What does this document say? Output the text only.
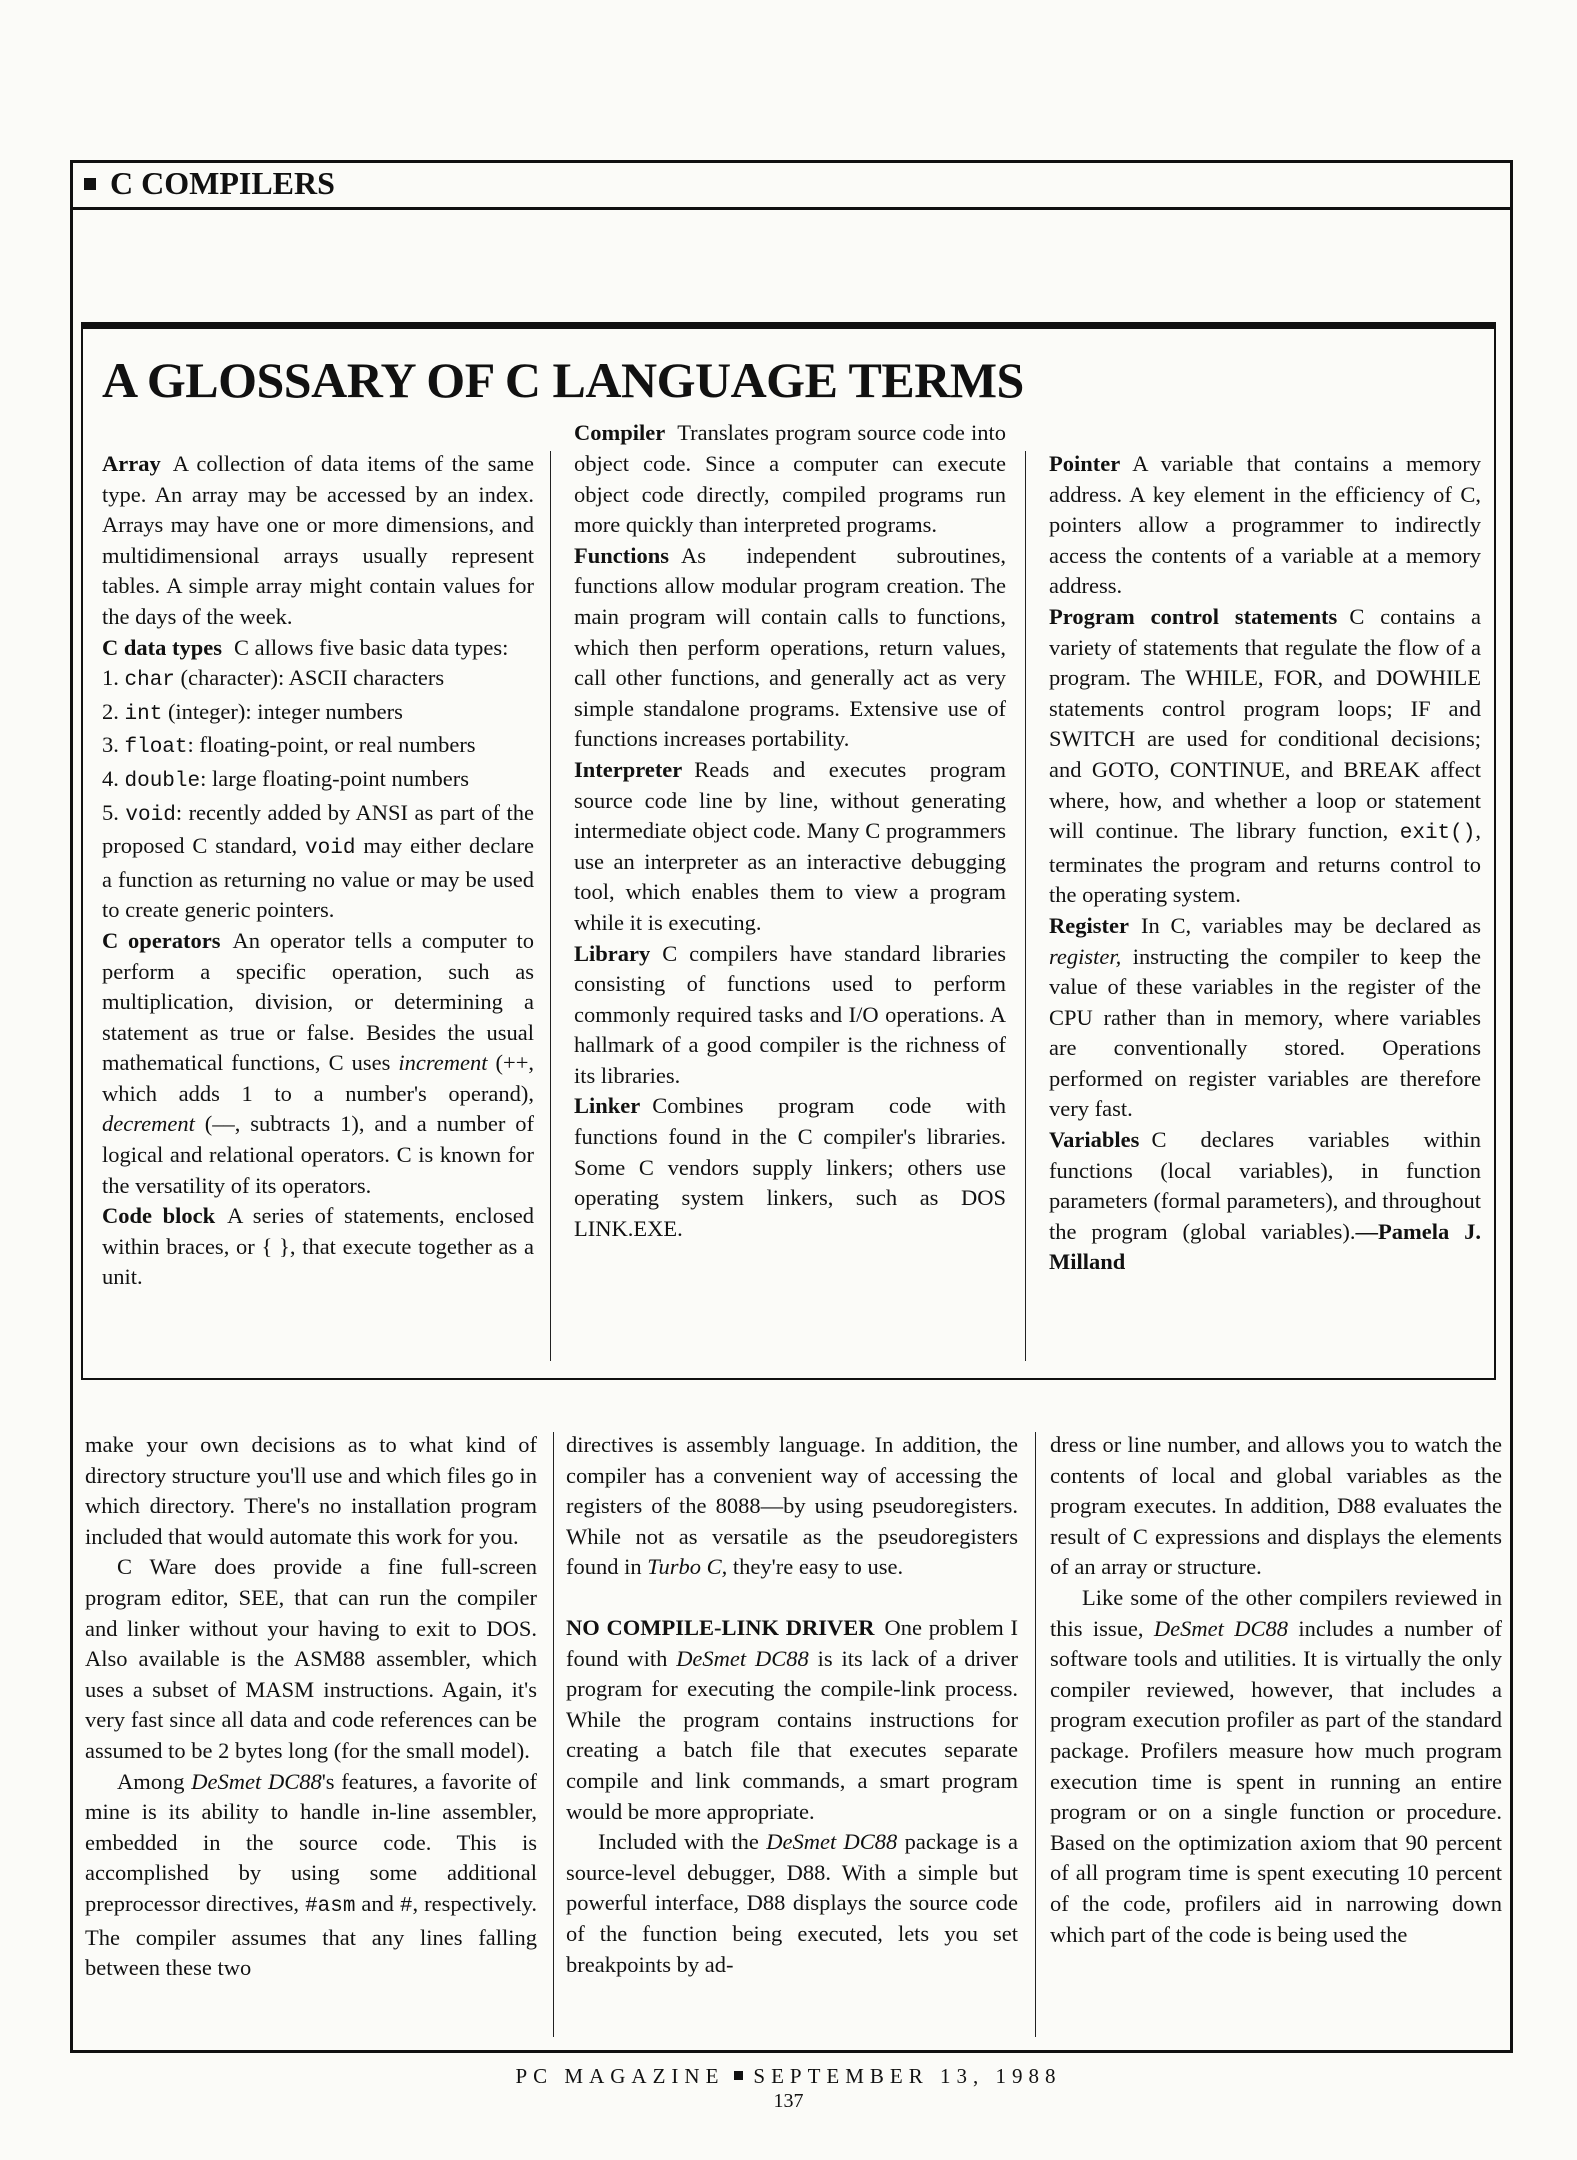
C COMPILERS
A GLOSSARY OF C LANGUAGE TERMS

Array A collection of data items of the same type. An array may be accessed by an index. Arrays may have one or more dimensions, and multidimensional arrays usually represent tables. A simple array might contain values for the days of the week.

C data types C allows five basic data types:

1. char (character): ASCII characters

2. int (integer): integer numbers

3. float: floating-point, or real numbers

4. double: large floating-point numbers

5. void: recently added by ANSI as part of the proposed C standard, void may either declare a function as returning no value or may be used to create generic pointers.

C operators An operator tells a computer to perform a specific operation, such as multiplication, division, or determining a statement as true or false. Besides the usual mathematical functions, C uses increment (++, which adds 1 to a number's operand), decrement (––, subtracts 1), and a number of logical and relational operators. C is known for the versatility of its operators.

Code block A series of statements, enclosed within braces, or { }, that execute together as a unit.

Compiler Translates program source code into object code. Since a computer can execute object code directly, compiled programs run more quickly than interpreted programs.

Functions As independent subroutines, functions allow modular program creation. The main program will contain calls to functions, which then perform operations, return values, call other functions, and generally act as very simple standalone programs. Extensive use of functions increases portability.

Interpreter Reads and executes program source code line by line, without generating intermediate object code. Many C programmers use an interpreter as an interactive debugging tool, which enables them to view a program while it is executing.

Library C compilers have standard libraries consisting of functions used to perform commonly required tasks and I/O operations. A hallmark of a good compiler is the richness of its libraries.

Linker Combines program code with functions found in the C compiler's libraries. Some C vendors supply linkers; others use operating system linkers, such as DOS LINK.EXE.

Pointer A variable that contains a memory address. A key element in the efficiency of C, pointers allow a programmer to indirectly access the contents of a variable at a memory address.

Program control statements C contains a variety of statements that regulate the flow of a program. The WHILE, FOR, and DOWHILE statements control program loops; IF and SWITCH are used for conditional decisions; and GOTO, CONTINUE, and BREAK affect where, how, and whether a loop or statement will continue. The library function, exit(), terminates the program and returns control to the operating system.

Register In C, variables may be declared as register, instructing the compiler to keep the value of these variables in the register of the CPU rather than in memory, where variables are conventionally stored. Operations performed on register variables are therefore very fast.

Variables C declares variables within functions (local variables), in function parameters (formal parameters), and throughout the program (global variables).—Pamela J. Milland

make your own decisions as to what kind of directory structure you'll use and which files go in which directory. There's no installation program included that would automate this work for you.

C Ware does provide a fine full-screen program editor, SEE, that can run the compiler and linker without your having to exit to DOS. Also available is the ASM88 assembler, which uses a subset of MASM instructions. Again, it's very fast since all data and code references can be assumed to be 2 bytes long (for the small model).

Among DeSmet DC88's features, a favorite of mine is its ability to handle in-line assembler, embedded in the source code. This is accomplished by using some additional preprocessor directives, #asm and #, respectively. The compiler assumes that any lines falling between these two

directives is assembly language. In addition, the compiler has a convenient way of accessing the registers of the 8088—by using pseudoregisters. While not as versatile as the pseudoregisters found in Turbo C, they're easy to use.

NO COMPILE-LINK DRIVER One problem I found with DeSmet DC88 is its lack of a driver program for executing the compile-link process. While the program contains instructions for creating a batch file that executes separate compile and link commands, a smart program would be more appropriate.

Included with the DeSmet DC88 package is a source-level debugger, D88. With a simple but powerful interface, D88 displays the source code of the function being executed, lets you set breakpoints by ad-

dress or line number, and allows you to watch the contents of local and global variables as the program executes. In addition, D88 evaluates the result of C expressions and displays the elements of an array or structure.

Like some of the other compilers reviewed in this issue, DeSmet DC88 includes a number of software tools and utilities. It is virtually the only compiler reviewed, however, that includes a program execution profiler as part of the standard package. Profilers measure how much program execution time is spent in running an entire program or on a single function or procedure. Based on the optimization axiom that 90 percent of all program time is spent executing 10 percent of the code, profilers aid in narrowing down which part of the code is being used the

PC MAGAZINE SEPTEMBER 13, 1988
137
